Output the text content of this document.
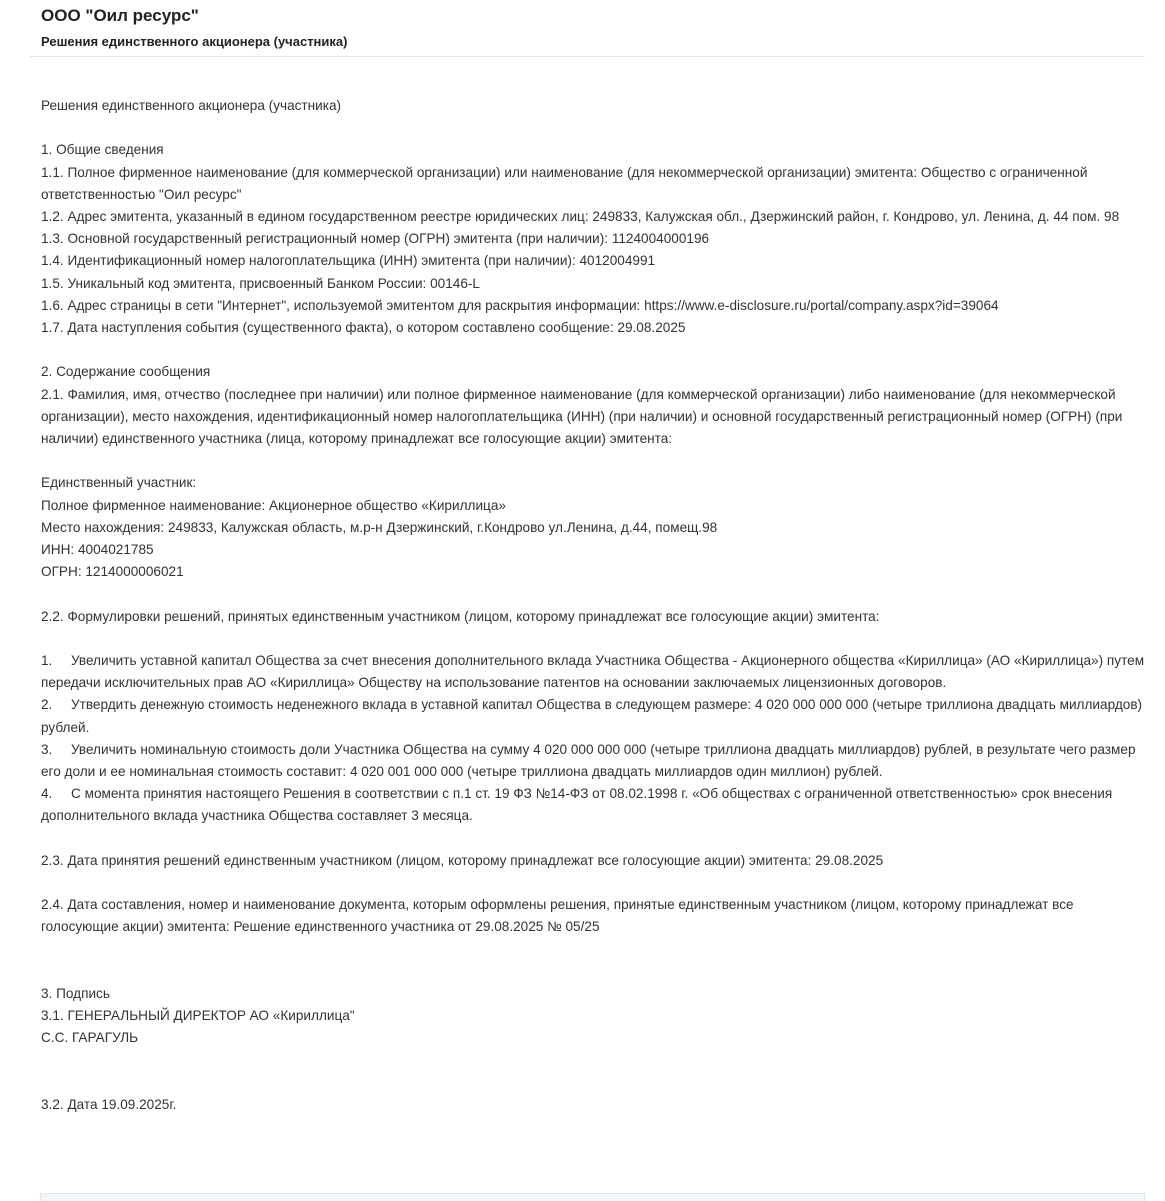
ООО "Оил ресурс"
Решения единственного акционера (участника)
Решения единственного акционера (участника)
1. Общие сведения
1.1. Полное фирменное наименование (для коммерческой организации) или наименование (для некоммерческой организации) эмитента: Общество с ограниченной ответственностью "Оил ресурс"
1.2. Адрес эмитента, указанный в едином государственном реестре юридических лиц: 249833, Калужская обл., Дзержинский район, г. Кондрово, ул. Ленина, д. 44 пом. 98
1.3. Основной государственный регистрационный номер (ОГРН) эмитента (при наличии): 1124004000196
1.4. Идентификационный номер налогоплательщика (ИНН) эмитента (при наличии): 4012004991
1.5. Уникальный код эмитента, присвоенный Банком России: 00146-L
1.6. Адрес страницы в сети "Интернет", используемой эмитентом для раскрытия информации: https://www.e-disclosure.ru/portal/company.aspx?id=39064
1.7. Дата наступления события (существенного факта), о котором составлено сообщение: 29.08.2025
2. Содержание сообщения
2.1. Фамилия, имя, отчество (последнее при наличии) или полное фирменное наименование (для коммерческой организации) либо наименование (для некоммерческой организации), место нахождения, идентификационный номер налогоплательщика (ИНН) (при наличии) и основной государственный регистрационный номер (ОГРН) (при наличии) единственного участника (лица, которому принадлежат все голосующие акции) эмитента:
Единственный участник:
Полное фирменное наименование: Акционерное общество «Кириллица»
Место нахождения: 249833, Калужская область, м.р-н Дзержинский, г.Кондрово ул.Ленина, д.44, помещ.98
ИНН: 4004021785
ОГРН: 1214000006021
2.2. Формулировки решений, принятых единственным участником (лицом, которому принадлежат все голосующие акции) эмитента:
1. Увеличить уставной капитал Общества за счет внесения дополнительного вклада Участника Общества - Акционерного общества «Кириллица» (АО «Кириллица») путем передачи исключительных прав АО «Кириллица» Обществу на использование патентов на основании заключаемых лицензионных договоров.
2. Утвердить денежную стоимость неденежного вклада в уставной капитал Общества в следующем размере: 4 020 000 000 000 (четыре триллиона двадцать миллиардов) рублей.
3. Увеличить номинальную стоимость доли Участника Общества на сумму 4 020 000 000 000 (четыре триллиона двадцать миллиардов) рублей, в результате чего размер его доли и ее номинальная стоимость составит: 4 020 001 000 000 (четыре триллиона двадцать миллиардов один миллион) рублей.
4. С момента принятия настоящего Решения в соответствии с п.1 ст. 19 ФЗ №14-ФЗ от 08.02.1998 г. «Об обществах с ограниченной ответственностью» срок внесения дополнительного вклада участника Общества составляет 3 месяца.
2.3. Дата принятия решений единственным участником (лицом, которому принадлежат все голосующие акции) эмитента: 29.08.2025
2.4. Дата составления, номер и наименование документа, которым оформлены решения, принятые единственным участником (лицом, которому принадлежат все голосующие акции) эмитента: Решение единственного участника от 29.08.2025 № 05/25
3. Подпись
3.1. ГЕНЕРАЛЬНЫЙ ДИРЕКТОР АО «Кириллица"
С.С. ГАРАГУЛЬ
3.2. Дата 19.09.2025г.
